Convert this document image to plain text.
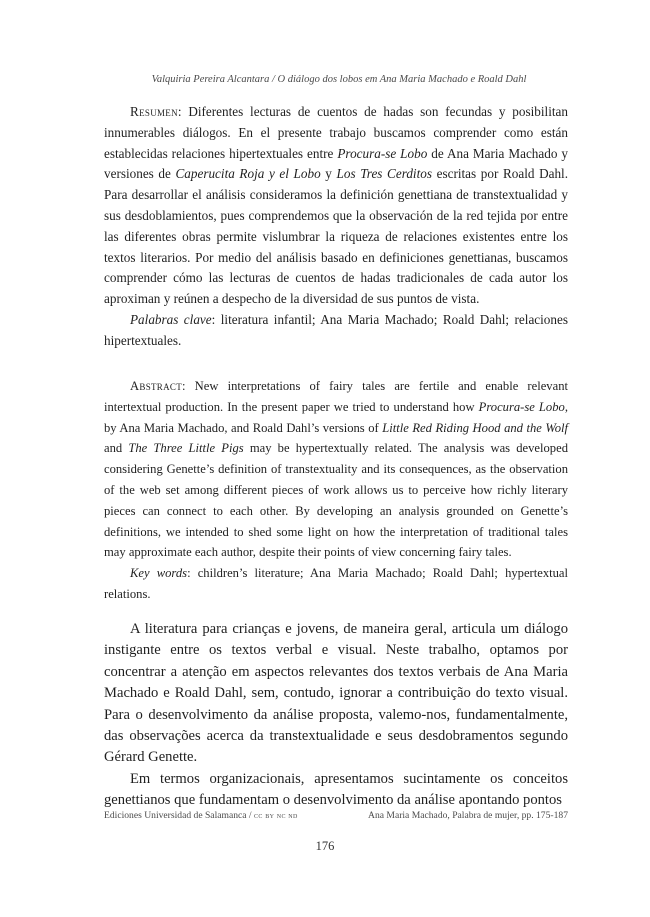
Valquiria Pereira Alcantara / O diálogo dos lobos em Ana Maria Machado e Roald Dahl

Resumen: Diferentes lecturas de cuentos de hadas son fecundas y posibilitan innumerables diálogos. En el presente trabajo buscamos comprender como están establecidas relaciones hipertextuales entre Procura-se Lobo de Ana Maria Machado y versiones de Caperucita Roja y el Lobo y Los Tres Cerditos escritas por Roald Dahl. Para desarrollar el análisis consideramos la definición genettiana de transtextualidad y sus desdoblamientos, pues comprendemos que la observación de la red tejida por entre las diferentes obras permite vislumbrar la riqueza de relaciones existentes entre los textos literarios. Por medio del análisis basado en definiciones genettianas, buscamos comprender cómo las lecturas de cuentos de hadas tradicionales de cada autor los aproximan y reúnen a despecho de la diversidad de sus puntos de vista.

Palabras clave: literatura infantil; Ana Maria Machado; Roald Dahl; relaciones hipertextuales.

Abstract: New interpretations of fairy tales are fertile and enable relevant intertextual production. In the present paper we tried to understand how Procura-se Lobo, by Ana Maria Machado, and Roald Dahl’s versions of Little Red Riding Hood and the Wolf and The Three Little Pigs may be hypertextually related. The analysis was developed considering Genette’s definition of transtextuality and its consequences, as the observation of the web set among different pieces of work allows us to perceive how richly literary pieces can connect to each other. By developing an analysis grounded on Genette’s definitions, we intended to shed some light on how the interpretation of traditional tales may approximate each author, despite their points of view concerning fairy tales.

Key words: children’s literature; Ana Maria Machado; Roald Dahl; hypertextual relations.

A literatura para crianças e jovens, de maneira geral, articula um diálogo instigante entre os textos verbal e visual. Neste trabalho, optamos por concentrar a atenção em aspectos relevantes dos textos verbais de Ana Maria Machado e Roald Dahl, sem, contudo, ignorar a contribuição do texto visual. Para o desenvolvimento da análise proposta, valemo-nos, fundamentalmente, das observações acerca da transtextualidade e seus desdobramentos segundo Gérard Genette.

Em termos organizacionais, apresentamos sucintamente os conceitos genettianos que fundamentam o desenvolvimento da análise apontando pontos

Ediciones Universidad de Salamanca / cc by nc nd	Ana Maria Machado, Palabra de mujer, pp. 175-187
176
